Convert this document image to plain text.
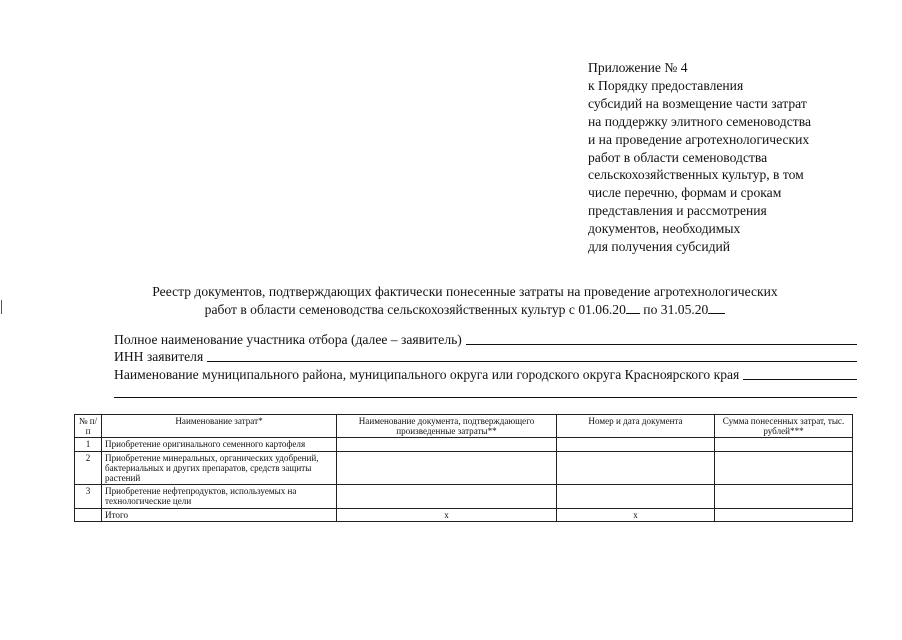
Приложение № 4
к Порядку предоставления
субсидий на возмещение части затрат
на поддержку элитного семеноводства
и на проведение агротехнологических
работ в области семеноводства
сельскохозяйственных культур, в том
числе перечню, формам и срокам
представления и рассмотрения
документов, необходимых
для получения субсидий
Реестр документов, подтверждающих фактически понесенные затраты на проведение агротехнологических
работ в области семеноводства сельскохозяйственных культур с 01.06.20 по 31.05.20
Полное наименование участника отбора (далее – заявитель)
ИНН заявителя
Наименование муниципального района, муниципального округа или городского округа Красноярского края
№ п/п	Наименование затрат*	Наименование документа, подтверждающего произведенные затраты**	Номер и дата документа	Сумма понесенных затрат, тыс. рублей***
1	Приобретение оригинального семенного картофеля			
2	Приобретение минеральных, органических удобрений, бактериальных и других препаратов, средств защиты растений			
3	Приобретение нефтепродуктов, используемых на технологические цели			
	Итого	x	x	
